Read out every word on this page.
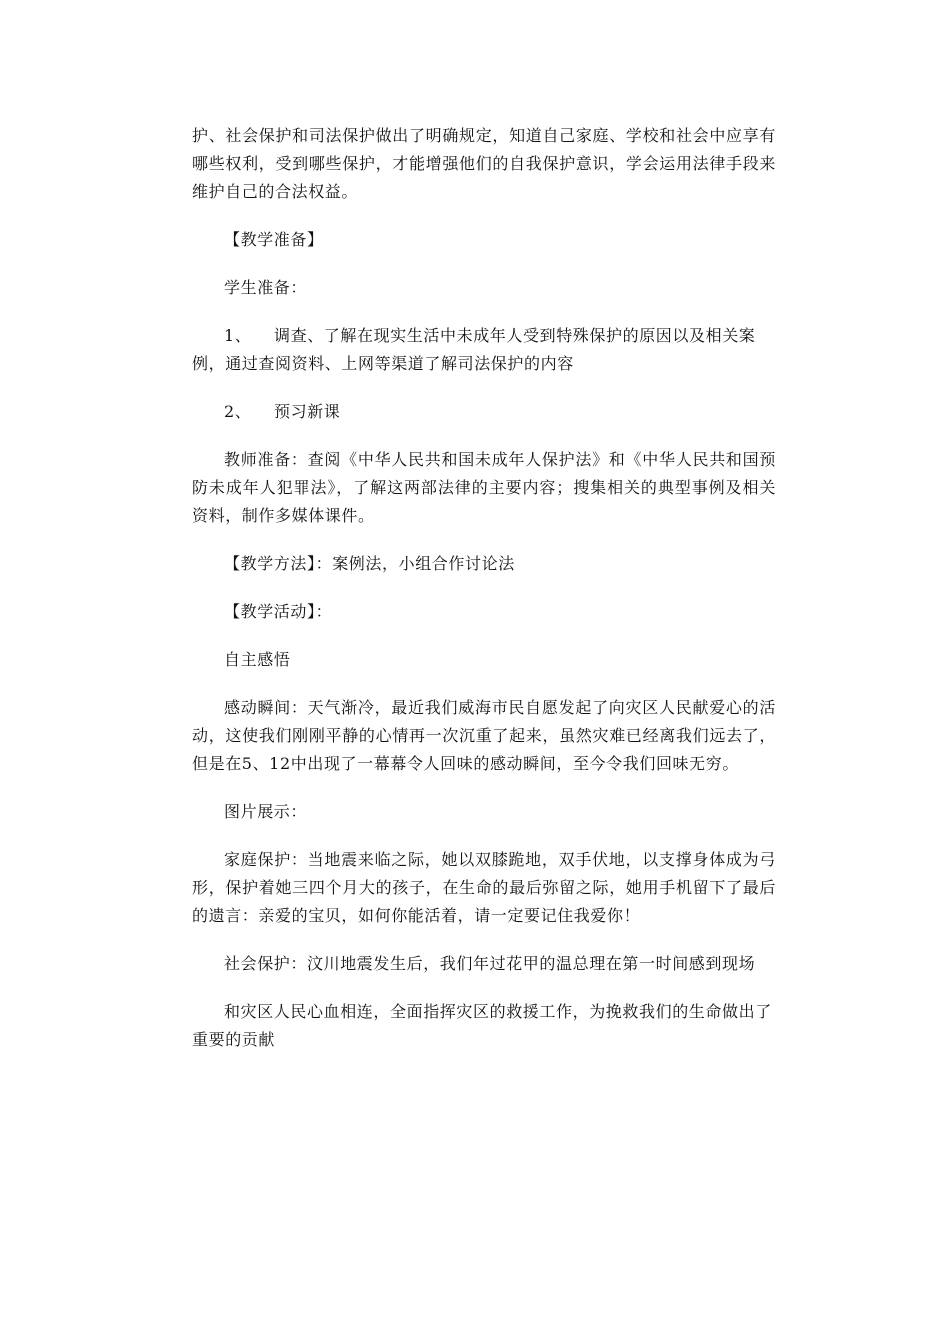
护、社会保护和司法保护做出了明确规定，知道自己家庭、学校和社会中应享有
哪些权利，受到哪些保护，才能增强他们的自我保护意识，学会运用法律手段来
维护自己的合法权益。
【教学准备】
学生准备：
1、 调查、了解在现实生活中未成年人受到特殊保护的原因以及相关案
例，通过查阅资料、上网等渠道了解司法保护的内容
2、 预习新课
教师准备：查阅《中华人民共和国未成年人保护法》和《中华人民共和国预
防未成年人犯罪法》，了解这两部法律的主要内容；搜集相关的典型事例及相关
资料，制作多媒体课件。
【教学方法】：案例法，小组合作讨论法
【教学活动】：
自主感悟
感动瞬间：天气渐冷，最近我们威海市民自愿发起了向灾区人民献爱心的活
动，这使我们刚刚平静的心情再一次沉重了起来，虽然灾难已经离我们远去了，
但是在5、12中出现了一幕幕令人回味的感动瞬间，至今令我们回味无穷。
图片展示：
家庭保护：当地震来临之际，她以双膝跪地，双手伏地，以支撑身体成为弓
形，保护着她三四个月大的孩子，在生命的最后弥留之际，她用手机留下了最后
的遗言：亲爱的宝贝，如何你能活着，请一定要记住我爱你！
社会保护：汶川地震发生后，我们年过花甲的温总理在第一时间感到现场
和灾区人民心血相连，全面指挥灾区的救援工作，为挽救我们的生命做出了
重要的贡献
